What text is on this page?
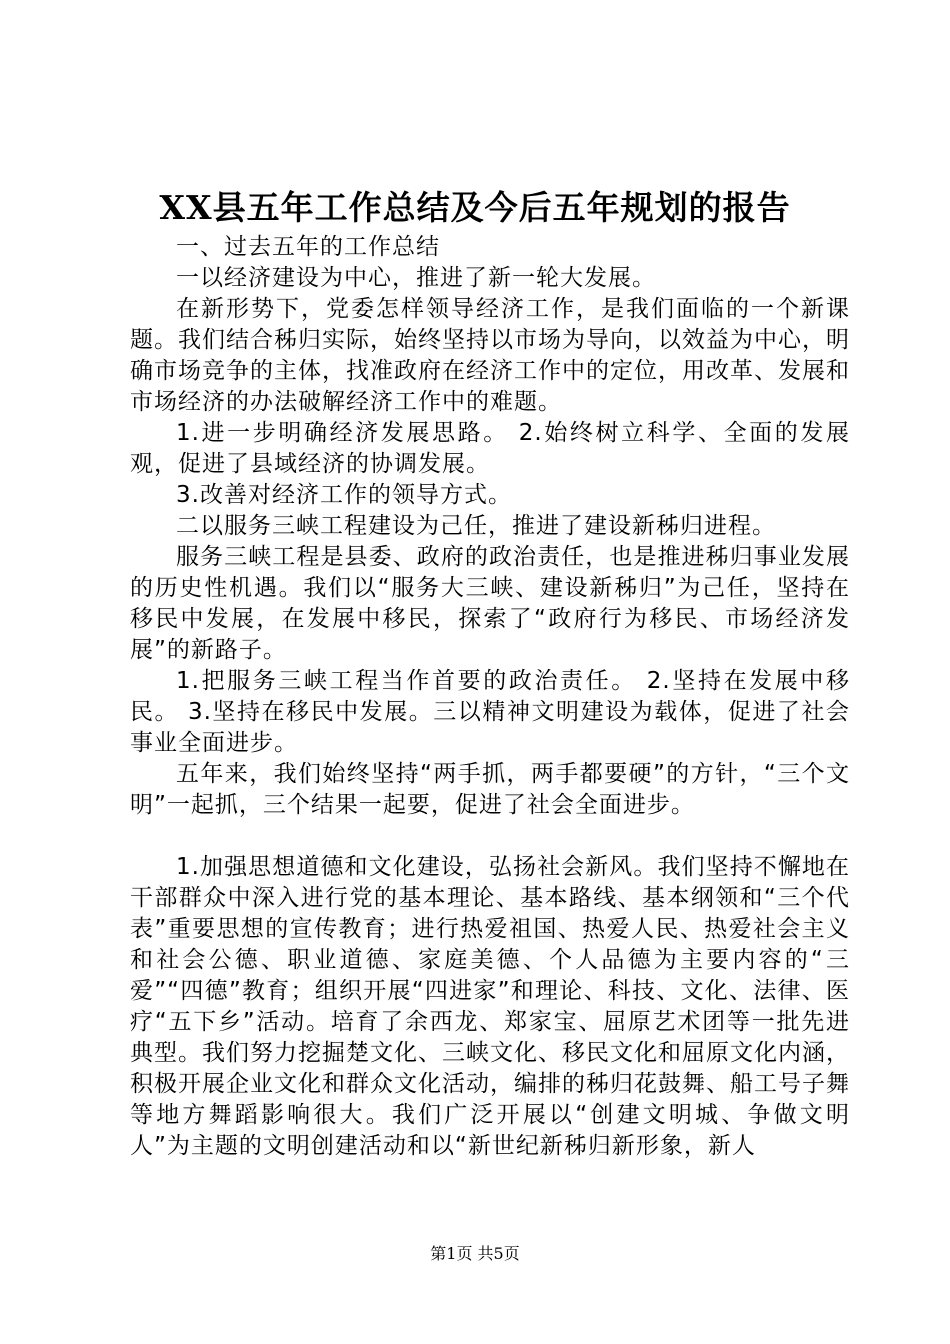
XX县五年工作总结及今后五年规划的报告

一、过去五年的工作总结

一以经济建设为中心，推进了新一轮大发展。

在新形势下，党委怎样领导经济工作，是我们面临的一个新课题。我们结合秭归实际，始终坚持以市场为导向，以效益为中心，明确市场竞争的主体，找准政府在经济工作中的定位，用改革、发展和市场经济的办法破解经济工作中的难题。

1.进一步明确经济发展思路。 2.始终树立科学、全面的发展观，促进了县域经济的协调发展。

3.改善对经济工作的领导方式。

二以服务三峡工程建设为己任，推进了建设新秭归进程。

服务三峡工程是县委、政府的政治责任，也是推进秭归事业发展的历史性机遇。我们以“服务大三峡、建设新秭归”为己任，坚持在移民中发展，在发展中移民，探索了“政府行为移民、市场经济发展”的新路子。

1.把服务三峡工程当作首要的政治责任。 2.坚持在发展中移民。 3.坚持在移民中发展。三以精神文明建设为载体，促进了社会事业全面进步。

五年来，我们始终坚持“两手抓，两手都要硬”的方针，“三个文明”一起抓，三个结果一起要，促进了社会全面进步。

1.加强思想道德和文化建设，弘扬社会新风。我们坚持不懈地在干部群众中深入进行党的基本理论、基本路线、基本纲领和“三个代表”重要思想的宣传教育；进行热爱祖国、热爱人民、热爱社会主义和社会公德、职业道德、家庭美德、个人品德为主要内容的“三爱”“四德”教育；组织开展“四进家”和理论、科技、文化、法律、医疗“五下乡”活动。培育了余西龙、郑家宝、屈原艺术团等一批先进典型。我们努力挖掘楚文化、三峡文化、移民文化和屈原文化内涵，积极开展企业文化和群众文化活动，编排的秭归花鼓舞、船工号子舞等地方舞蹈影响很大。我们广泛开展以“创建文明城、争做文明人”为主题的文明创建活动和以“新世纪新秭归新形象，新人

第1页 共5页
